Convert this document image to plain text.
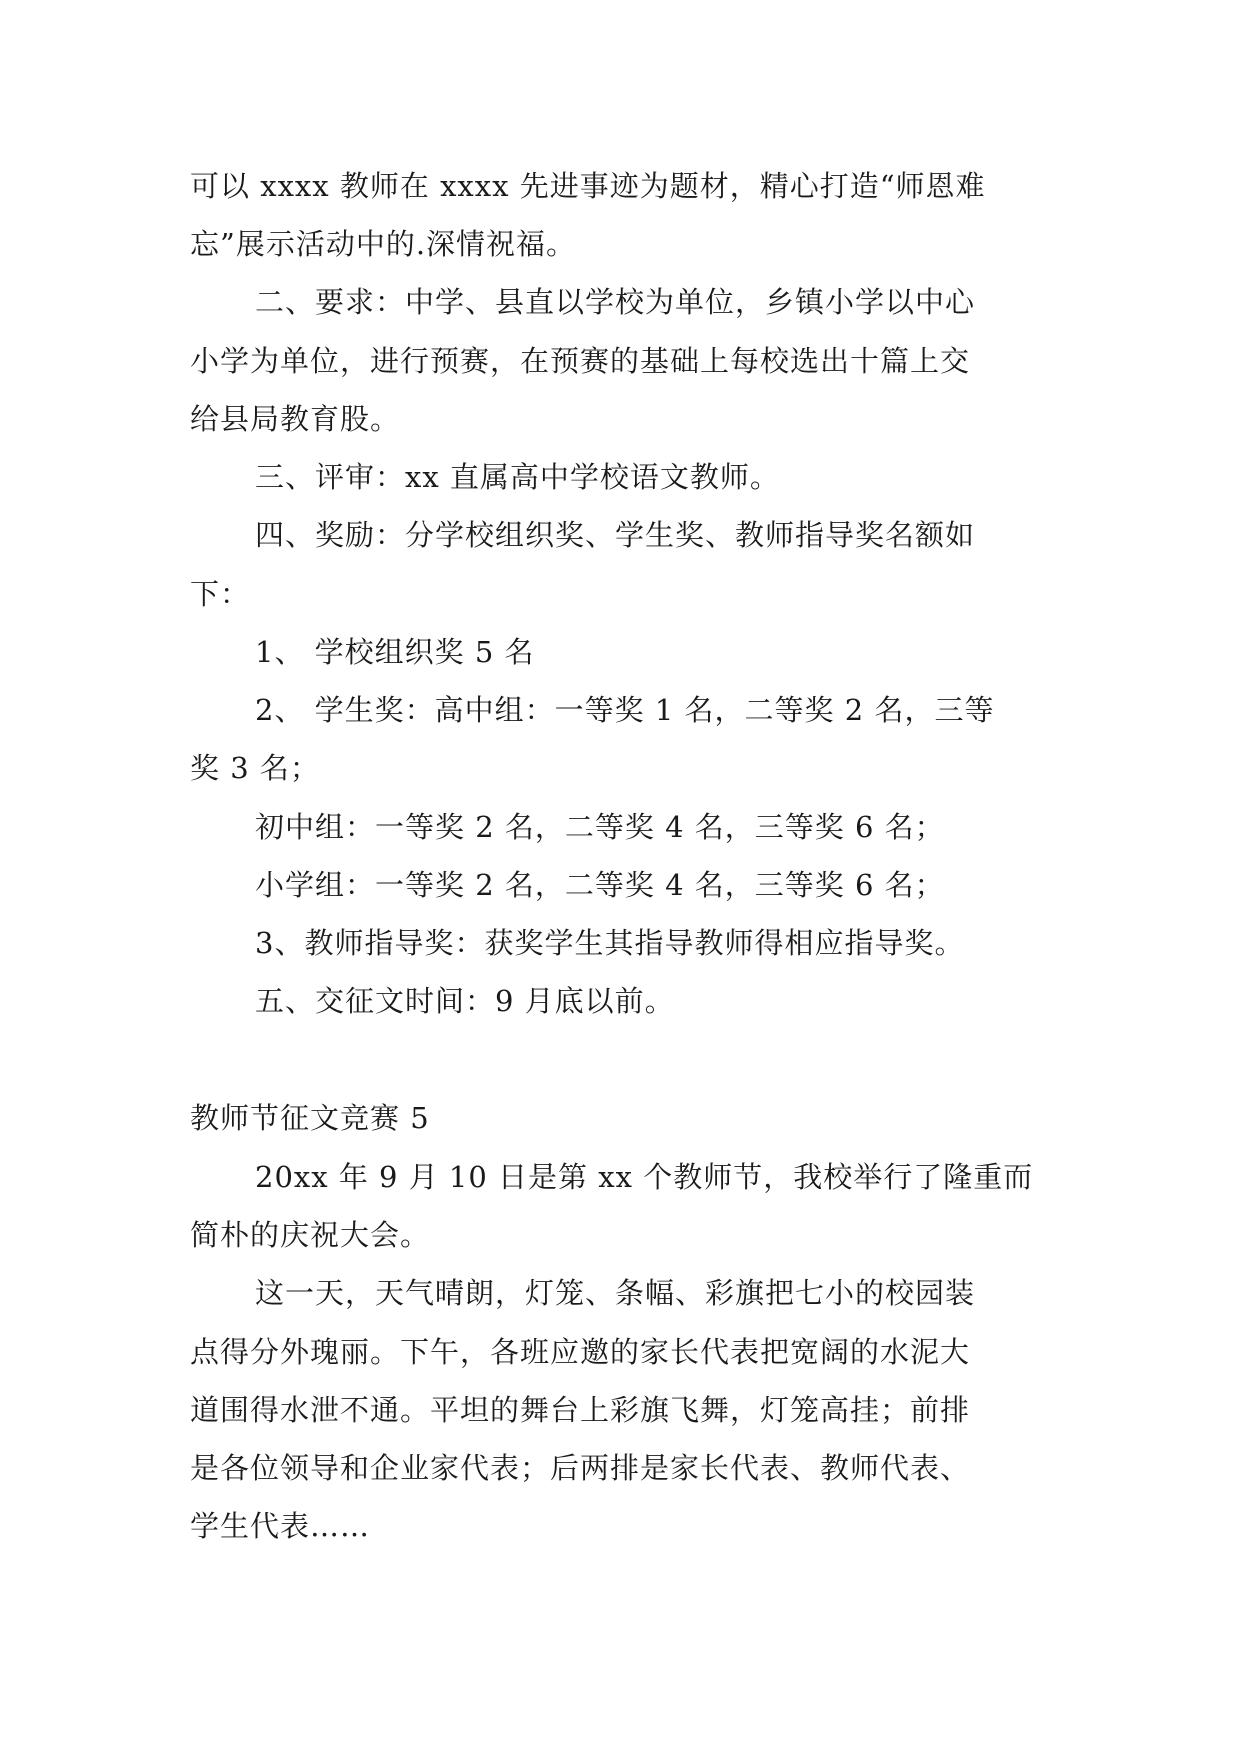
可以 xxxx 教师在 xxxx 先进事迹为题材，精心打造“师恩难
忘”展示活动中的.深情祝福。
二、要求：中学、县直以学校为单位，乡镇小学以中心
小学为单位，进行预赛，在预赛的基础上每校选出十篇上交
给县局教育股。
三、评审：xx 直属高中学校语文教师。
四、奖励：分学校组织奖、学生奖、教师指导奖名额如
下：
1、 学校组织奖 5 名
2、 学生奖：高中组：一等奖 1 名，二等奖 2 名，三等
奖 3 名；
初中组：一等奖 2 名，二等奖 4 名，三等奖 6 名；
小学组：一等奖 2 名，二等奖 4 名，三等奖 6 名；
3、教师指导奖：获奖学生其指导教师得相应指导奖。
五、交征文时间：9 月底以前。
教师节征文竞赛 5
20xx 年 9 月 10 日是第 xx 个教师节，我校举行了隆重而
简朴的庆祝大会。
这一天，天气晴朗，灯笼、条幅、彩旗把七小的校园装
点得分外瑰丽。下午，各班应邀的家长代表把宽阔的水泥大
道围得水泄不通。平坦的舞台上彩旗飞舞，灯笼高挂；前排
是各位领导和企业家代表；后两排是家长代表、教师代表、
学生代表……
